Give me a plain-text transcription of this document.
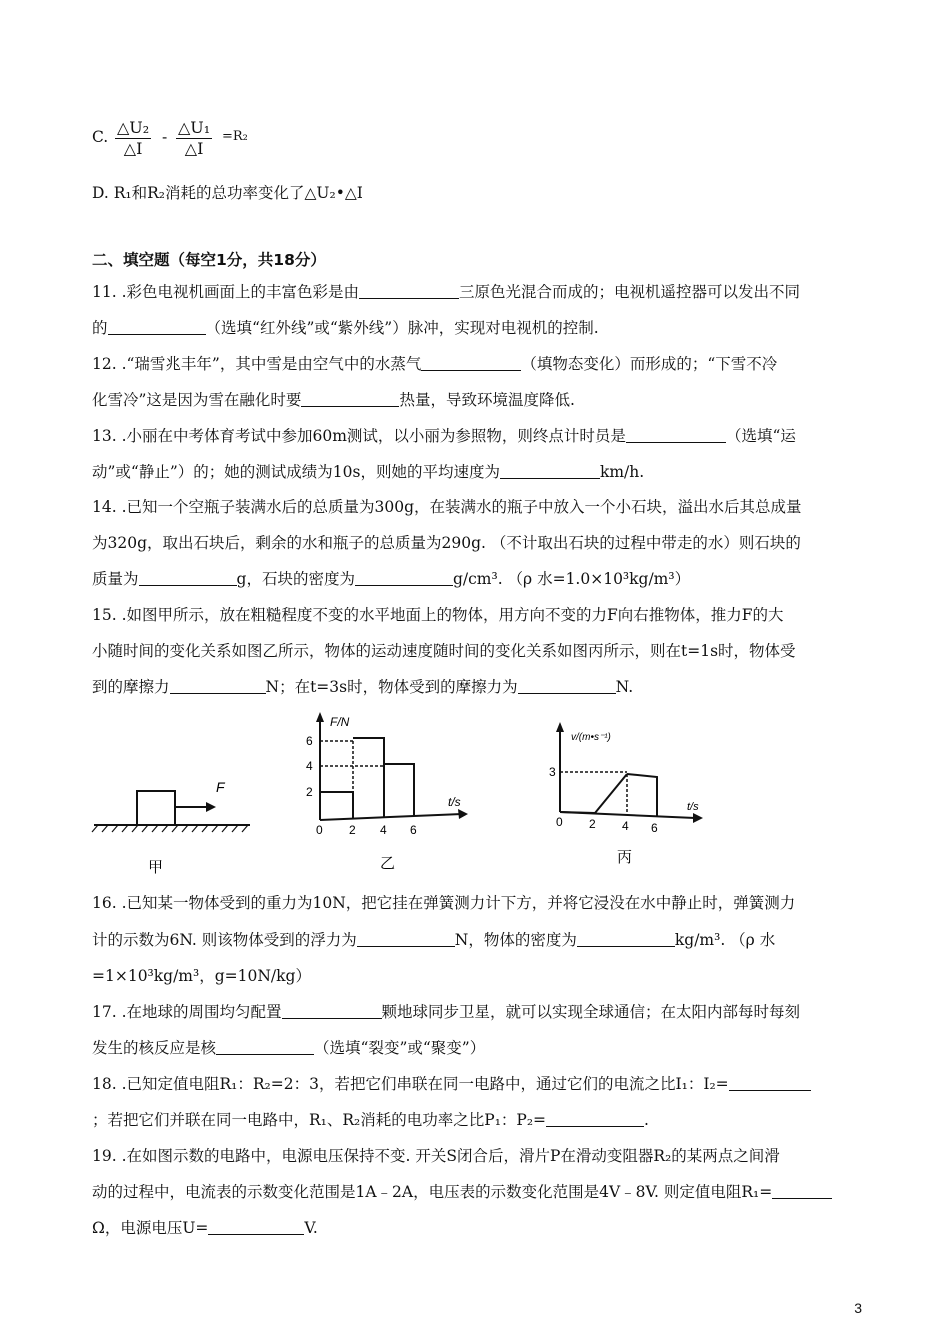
C. $\frac{\text{△U₂}}{\triangle I} - \frac{\text{△U₁}}{\triangle I} =R_2$
D. R₁和R₂消耗的总功率变化了△U₂•△I
二、填空题（每空1分，共18分）
11. .彩色电视机画面上的丰富色彩是由	三原色光混合而成的；电视机遥控器可以发出不同
的	（选填“红外线”或“紫外线”）脉冲，实现对电视机的控制.
12. .“瑞雪兆丰年”，其中雪是由空气中的水蒸气	（填物态变化）而形成的；“下雪不冷
化雪冷”这是因为雪在融化时要	热量，导致环境温度降低.
13. .小丽在中考体育考试中参加60m测试，以小丽为参照物，则终点计时员是	（选填“运
动”或“静止”）的；她的测试成绩为10s，则她的平均速度为	km/h.
14. .已知一个空瓶子装满水后的总质量为300g，在装满水的瓶子中放入一个小石块，溢出水后其总成量
为320g，取出石块后，剩余的水和瓶子的总质量为290g. （不计取出石块的过程中带走的水）则石块的
质量为	g，石块的密度为	g/cm³. （ρ 水=1.0×10³kg/m³）
15. .如图甲所示，放在粗糙程度不变的水平地面上的物体，用方向不变的力F向右推物体，推力F的大
小随时间的变化关系如图乙所示，物体的运动速度随时间的变化关系如图丙所示，则在t=1s时，物体受
到的摩擦力	N；在t=3s时，物体受到的摩擦力为	N.
F
甲
F/N
t/s
6
4
2
0 2 4 6
乙
v/(m•s⁻¹)
t/s
3
0 2 4 6
丙
16. .已知某一物体受到的重力为10N，把它挂在弹簧测力计下方，并将它浸没在水中静止时，弹簧测力
计的示数为6N. 则该物体受到的浮力为	N，物体的密度为	kg/m³. （ρ 水
=1×10³kg/m³，g=10N/kg）
17. .在地球的周围均匀配置	颗地球同步卫星，就可以实现全球通信；在太阳内部每时每刻
发生的核反应是核	（选填“裂变”或“聚变”）
18. .已知定值电阻R₁：R₂=2：3，若把它们串联在同一电路中，通过它们的电流之比I₁：I₂=
；若把它们并联在同一电路中，R₁、R₂消耗的电功率之比P₁：P₂=	.
19. .在如图示数的电路中，电源电压保持不变. 开关S闭合后，滑片P在滑动变阻器R₂的某两点之间滑
动的过程中，电流表的示数变化范围是1A﹣2A，电压表的示数变化范围是4V﹣8V. 则定值电阻R₁=
Ω，电源电压U=	V.
3
